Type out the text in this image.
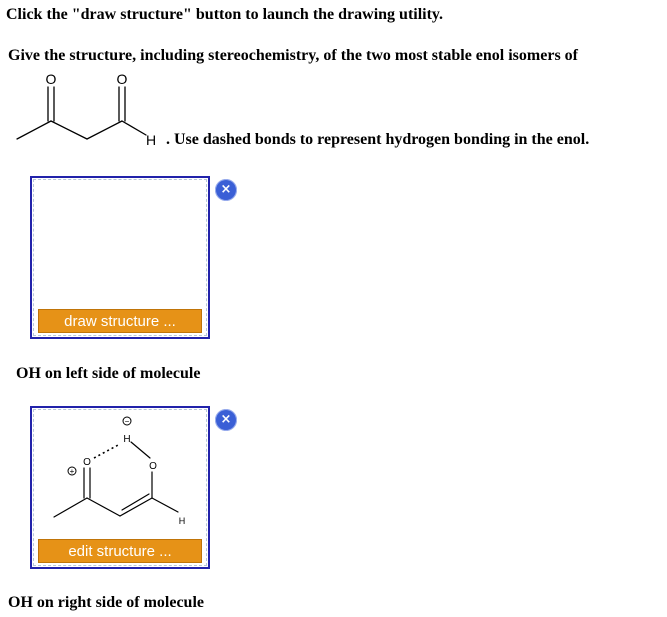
Click the "draw structure" button to launch the drawing utility.
Give the structure, including stereochemistry, of the two most stable enol isomers of
O	O
H . Use dashed bonds to represent hydrogen bonding in the enol.
draw structure ...
×
OH on left side of molecule
O	O
H
H
+
−
edit structure ...
×
OH on right side of molecule
